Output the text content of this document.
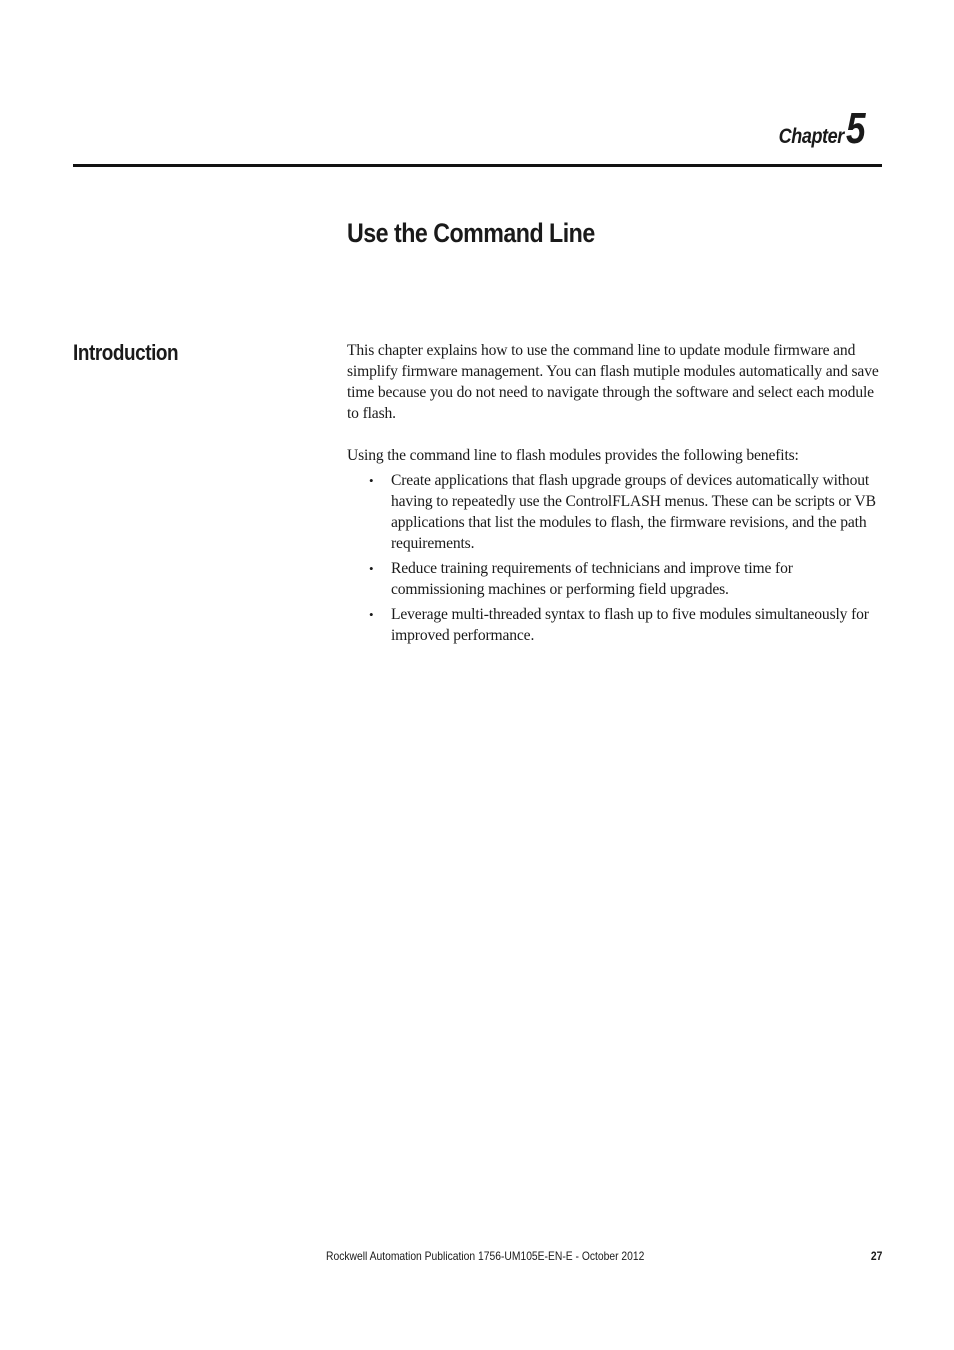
Chapter 5
Use the Command Line
Introduction	This chapter explains how to use the command line to update module firmware and simplify firmware management. You can flash mutiple modules automatically and save time because you do not need to navigate through the software and select each module to flash.

Using the command line to flash modules provides the following benefits:

• Create applications that flash upgrade groups of devices automatically without having to repeatedly use the ControlFLASH menus. These can be scripts or VB applications that list the modules to flash, the firmware revisions, and the path requirements.
• Reduce training requirements of technicians and improve time for commissioning machines or performing field upgrades.
• Leverage multi-threaded syntax to flash up to five modules simultaneously for improved performance.
Rockwell Automation Publication 1756-UM105E-EN-E - October 2012	27
